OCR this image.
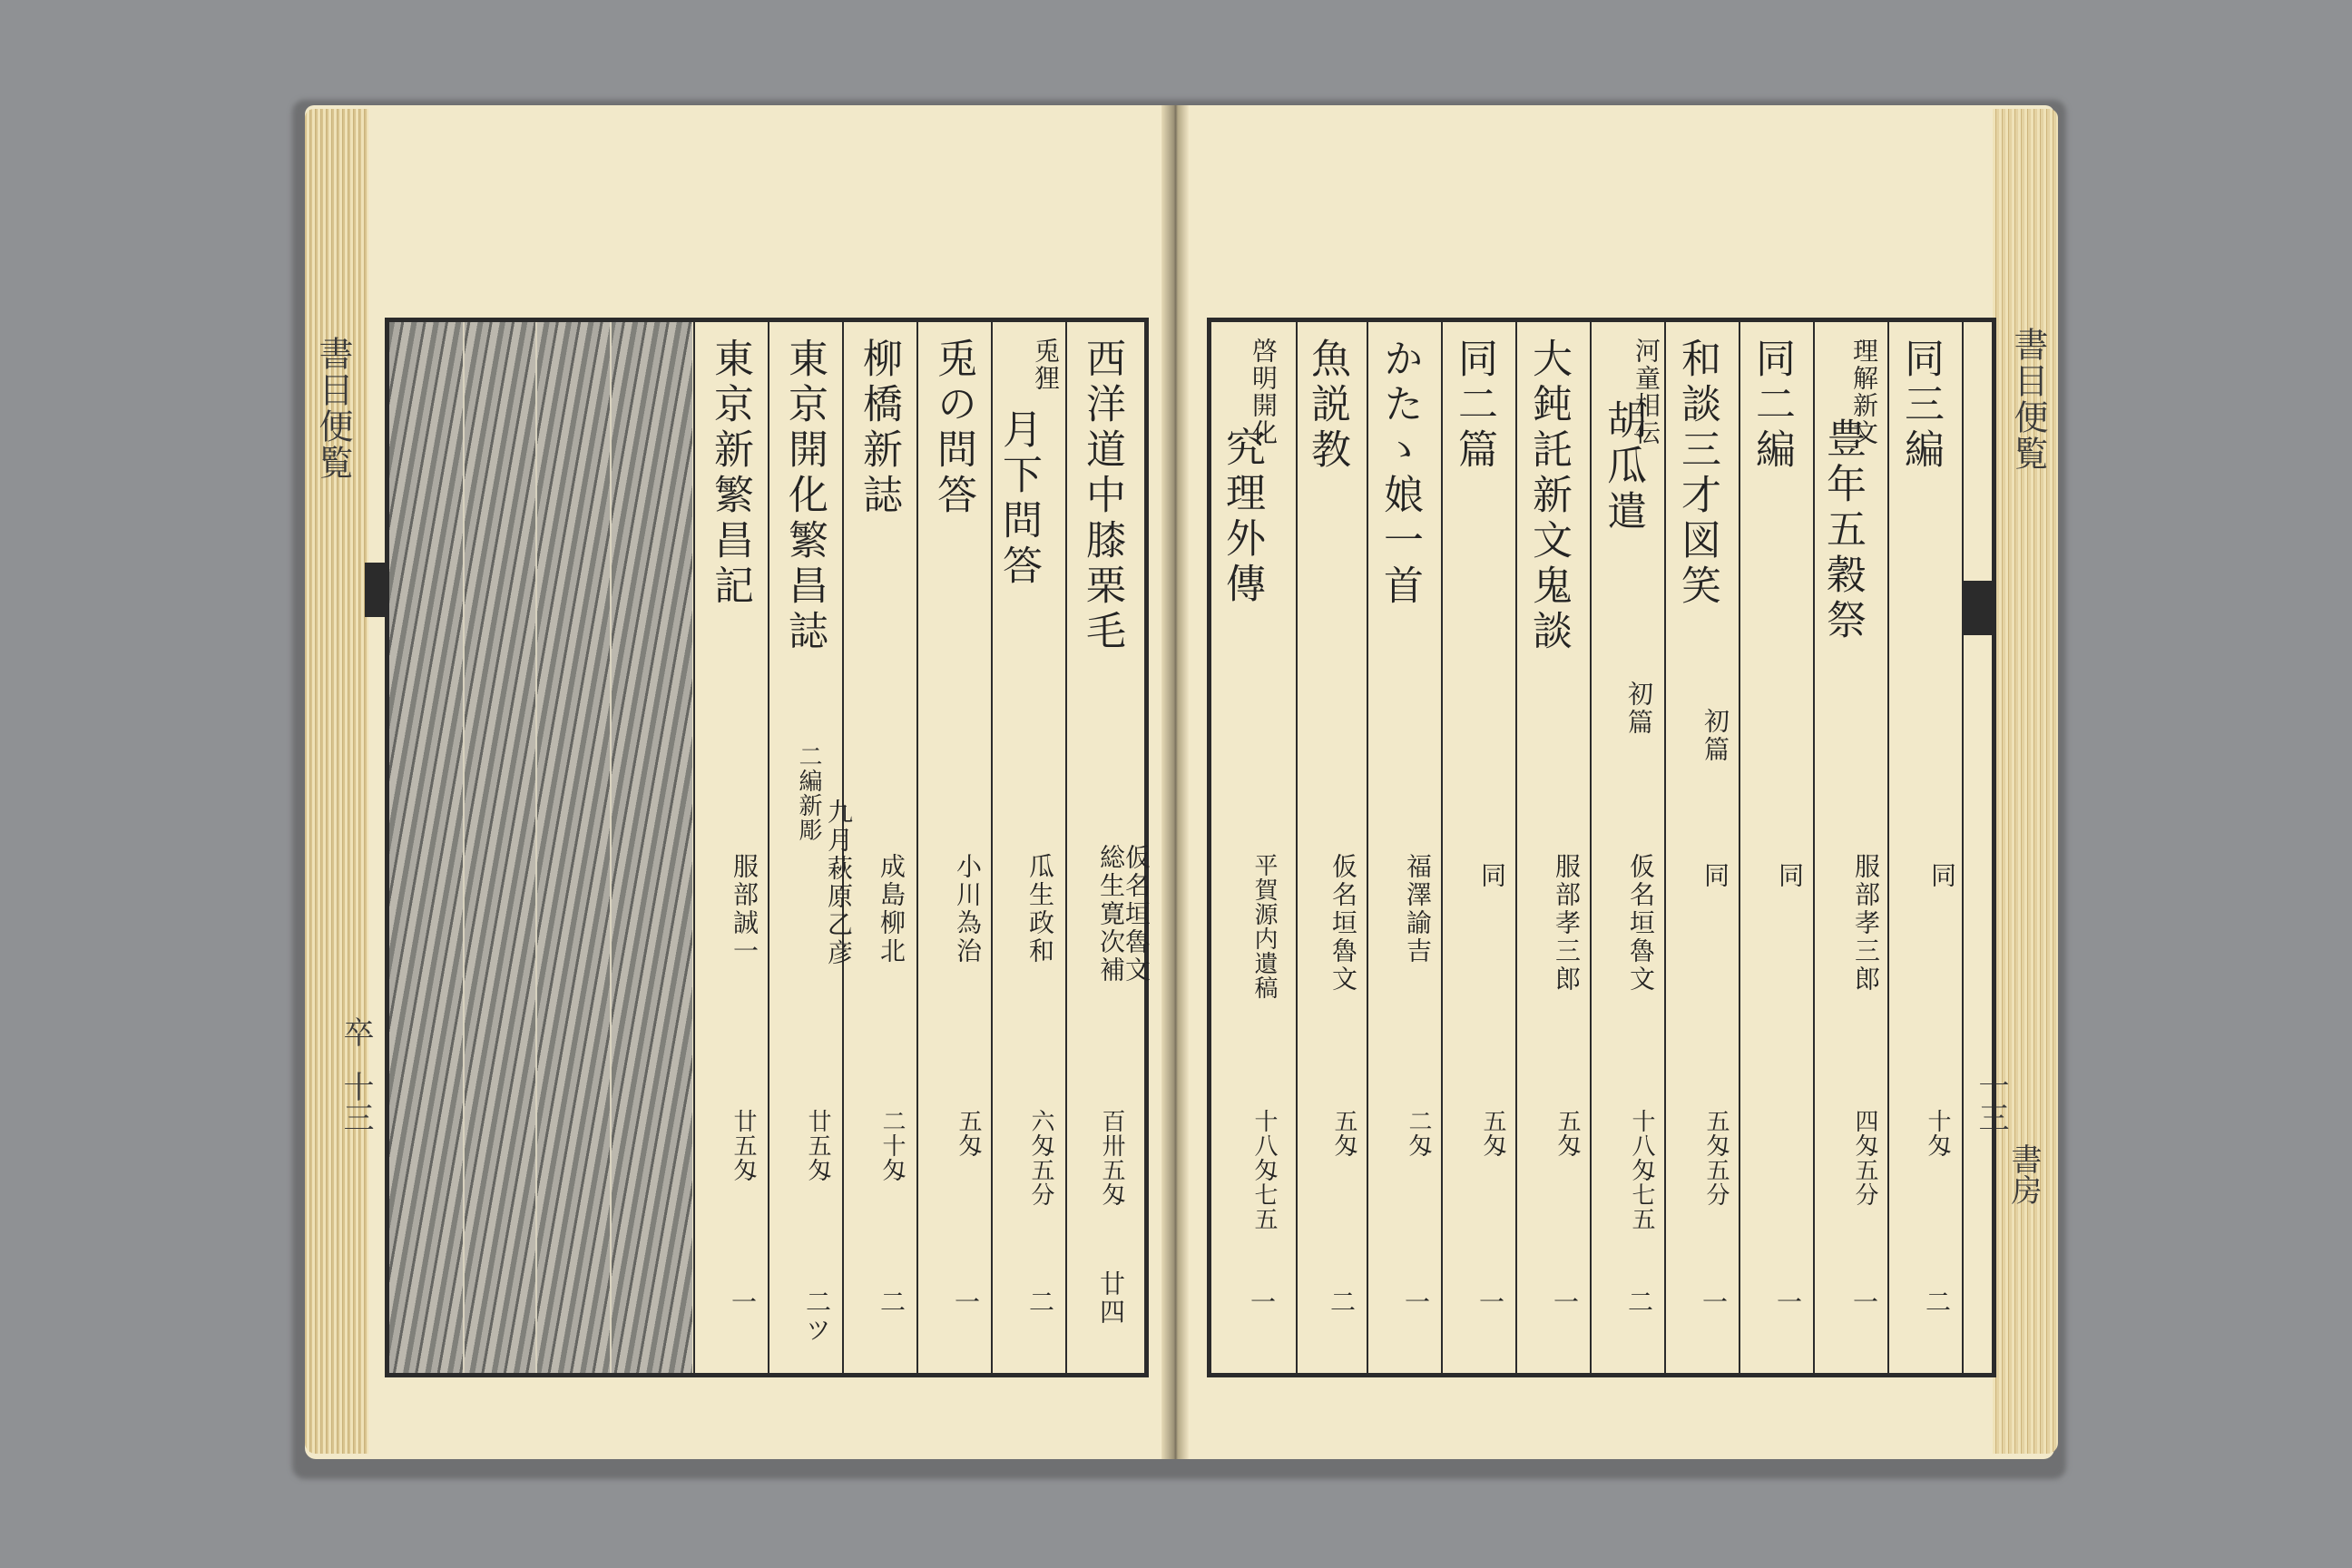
書目便覧
卒
十三
書目便覧
十三
書房
西洋道中膝栗毛
仮名垣魯文
総生寛次補
百卅五匁
廿四
兎狸
月下問答
瓜生政和
六匁五分
二
兎の問答
小川為治
五匁
一
柳橋新誌
成島柳北
二十匁
二
東京開化繁昌誌
二編新彫
九月萩原乙彦
廿五匁
二ツ
東京新繁昌記
服部誠一
廿五匁
一
同三編
同
十匁
二
理解新文
豊年五穀祭
服部孝三郎
四匁五分
一
同二編
同
一
和談三才図笑
初篇
同
五匁五分
一
河童相伝
胡瓜遣
初篇
仮名垣魯文
十八匁七五
二
大鈍託新文鬼談
服部孝三郎
五匁
一
同二篇
同
五匁
一
かたゝ娘一首
福澤諭吉
二匁
一
魚説教
仮名垣魯文
五匁
二
啓明開化
究理外傳
平賀源内遺稿
十八匁七五
一
